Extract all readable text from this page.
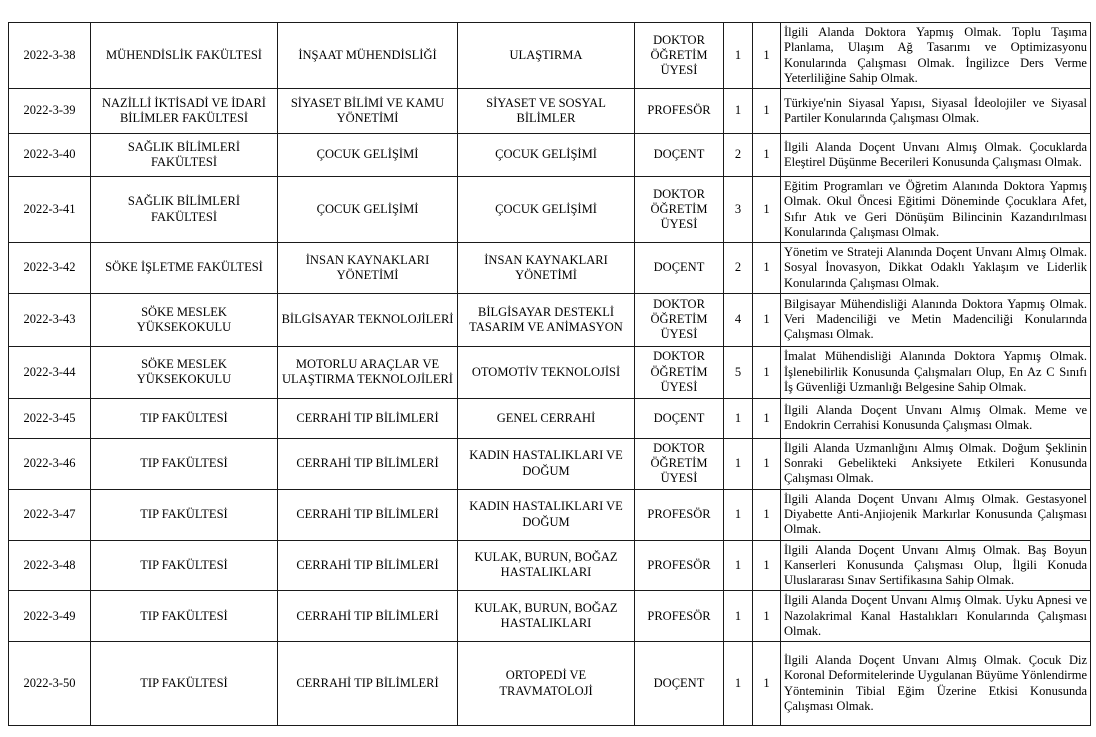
2022-3-38	MÜHENDİSLİK FAKÜLTESİ	İNŞAAT MÜHENDİSLİĞİ	ULAŞTIRMA	DOKTOR ÖĞRETİM ÜYESİ	1	1	İlgili Alanda Doktora Yapmış Olmak. Toplu Taşıma Planlama, Ulaşım Ağ Tasarımı ve Optimizasyonu Konularında Çalışması Olmak. İngilizce Ders Verme Yeterliliğine Sahip Olmak.
2022-3-39	NAZİLLİ İKTİSADİ VE İDARİ BİLİMLER FAKÜLTESİ	SİYASET BİLİMİ VE KAMU YÖNETİMİ	SİYASET VE SOSYAL BİLİMLER	PROFESÖR	1	1	Türkiye'nin Siyasal Yapısı, Siyasal İdeolojiler ve Siyasal Partiler Konularında Çalışması Olmak.
2022-3-40	SAĞLIK BİLİMLERİ FAKÜLTESİ	ÇOCUK GELİŞİMİ	ÇOCUK GELİŞİMİ	DOÇENT	2	1	İlgili Alanda Doçent Unvanı Almış Olmak. Çocuklarda Eleştirel Düşünme Becerileri Konusunda Çalışması Olmak.
2022-3-41	SAĞLIK BİLİMLERİ FAKÜLTESİ	ÇOCUK GELİŞİMİ	ÇOCUK GELİŞİMİ	DOKTOR ÖĞRETİM ÜYESİ	3	1	Eğitim Programları ve Öğretim Alanında Doktora Yapmış Olmak. Okul Öncesi Eğitimi Döneminde Çocuklara Afet, Sıfır Atık ve Geri Dönüşüm Bilincinin Kazandırılması Konularında Çalışması Olmak.
2022-3-42	SÖKE İŞLETME FAKÜLTESİ	İNSAN KAYNAKLARI YÖNETİMİ	İNSAN KAYNAKLARI YÖNETİMİ	DOÇENT	2	1	Yönetim ve Strateji Alanında Doçent Unvanı Almış Olmak. Sosyal İnovasyon, Dikkat Odaklı Yaklaşım ve Liderlik Konularında Çalışması Olmak.
2022-3-43	SÖKE MESLEK YÜKSEKOKULU	BİLGİSAYAR TEKNOLOJİLERİ	BİLGİSAYAR DESTEKLİ TASARIM VE ANİMASYON	DOKTOR ÖĞRETİM ÜYESİ	4	1	Bilgisayar Mühendisliği Alanında Doktora Yapmış Olmak. Veri Madenciliği ve Metin Madenciliği Konularında Çalışması Olmak.
2022-3-44	SÖKE MESLEK YÜKSEKOKULU	MOTORLU ARAÇLAR VE ULAŞTIRMA TEKNOLOJİLERİ	OTOMOTİV TEKNOLOJİSİ	DOKTOR ÖĞRETİM ÜYESİ	5	1	İmalat Mühendisliği Alanında Doktora Yapmış Olmak. İşlenebilirlik Konusunda Çalışmaları Olup, En Az C Sınıfı İş Güvenliği Uzmanlığı Belgesine Sahip Olmak.
2022-3-45	TIP FAKÜLTESİ	CERRAHİ TIP BİLİMLERİ	GENEL CERRAHİ	DOÇENT	1	1	İlgili Alanda Doçent Unvanı Almış Olmak. Meme ve Endokrin Cerrahisi Konusunda Çalışması Olmak.
2022-3-46	TIP FAKÜLTESİ	CERRAHİ TIP BİLİMLERİ	KADIN HASTALIKLARI VE DOĞUM	DOKTOR ÖĞRETİM ÜYESİ	1	1	İlgili Alanda Uzmanlığını Almış Olmak. Doğum Şeklinin Sonraki Gebelikteki Anksiyete Etkileri Konusunda Çalışması Olmak.
2022-3-47	TIP FAKÜLTESİ	CERRAHİ TIP BİLİMLERİ	KADIN HASTALIKLARI VE DOĞUM	PROFESÖR	1	1	İlgili Alanda Doçent Unvanı Almış Olmak. Gestasyonel Diyabette Anti-Anjiojenik Markırlar Konusunda Çalışması Olmak.
2022-3-48	TIP FAKÜLTESİ	CERRAHİ TIP BİLİMLERİ	KULAK, BURUN, BOĞAZ HASTALIKLARI	PROFESÖR	1	1	İlgili Alanda Doçent Unvanı Almış Olmak. Baş Boyun Kanserleri Konusunda Çalışması Olup, İlgili Konuda Uluslararası Sınav Sertifikasına Sahip Olmak.
2022-3-49	TIP FAKÜLTESİ	CERRAHİ TIP BİLİMLERİ	KULAK, BURUN, BOĞAZ HASTALIKLARI	PROFESÖR	1	1	İlgili Alanda Doçent Unvanı Almış Olmak. Uyku Apnesi ve Nazolakrimal Kanal Hastalıkları Konularında Çalışması Olmak.
2022-3-50	TIP FAKÜLTESİ	CERRAHİ TIP BİLİMLERİ	ORTOPEDİ VE TRAVMATOLOJİ	DOÇENT	1	1	İlgili Alanda Doçent Unvanı Almış Olmak. Çocuk Diz Koronal Deformitelerinde Uygulanan Büyüme Yönlendirme Yönteminin Tibial Eğim Üzerine Etkisi Konusunda Çalışması Olmak.
